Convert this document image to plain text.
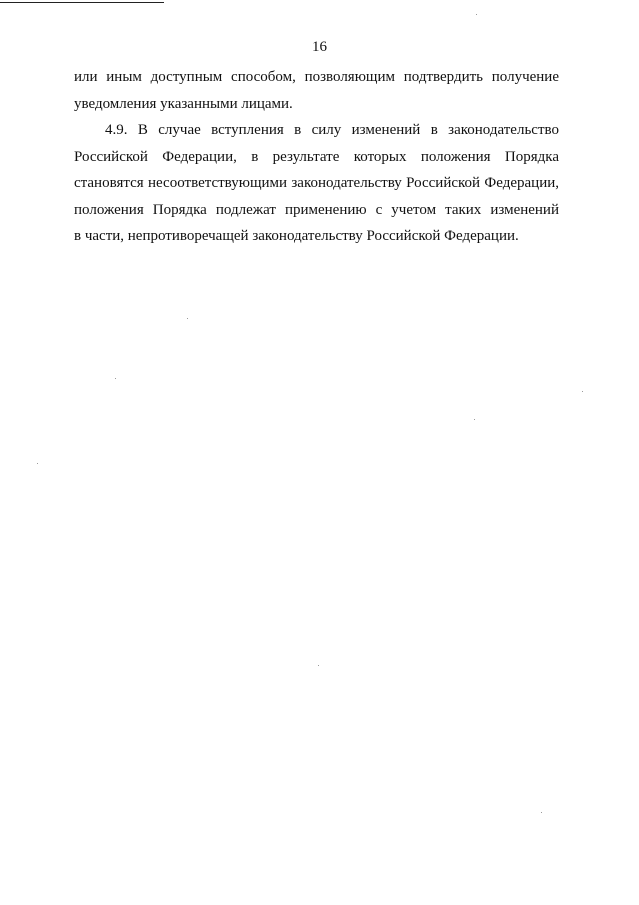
16

или иным доступным способом, позволяющим подтвердить получение
уведомления указанными лицами.

4.9. В случае вступления в силу изменений в законодательство
Российской Федерации, в результате которых положения Порядка
становятся несоответствующими законодательству Российской Федерации,
положения Порядка подлежат применению с учетом таких изменений
в части, непротиворечащей законодательству Российской Федерации.
